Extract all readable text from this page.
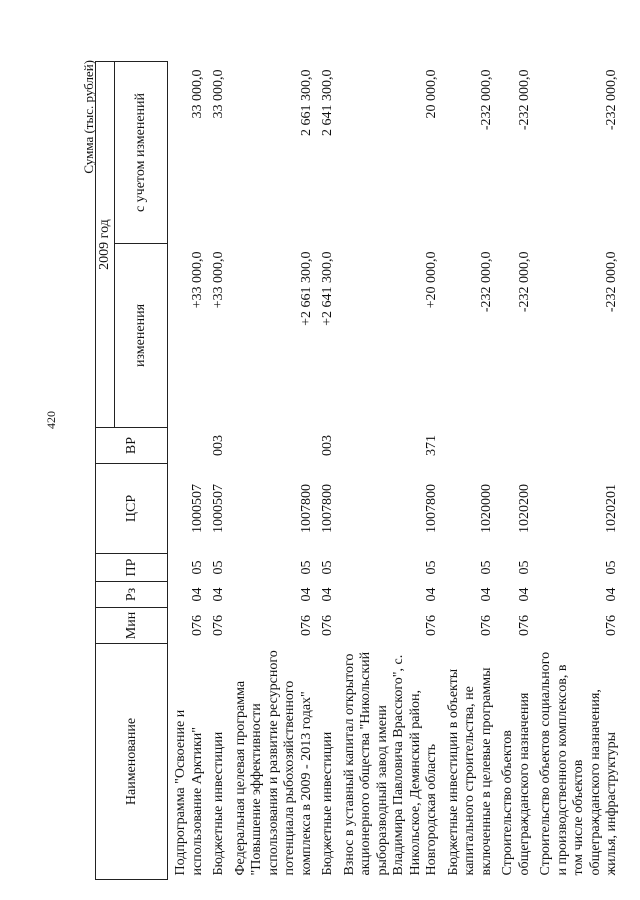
420
Сумма (тыс. рублей)
Наименование	Мин	Рз	ПР	ЦСР	ВР	2009 год	
						изменения	с учетом изменений
Подпрограмма "Освоение и использование Арктики"	076	04	05	1000507		+33 000,0	33 000,0
Бюджетные инвестиции	076	04	05	1000507	003	+33 000,0	33 000,0
Федеральная целевая программа "Повышение эффективности использования и развитие ресурсного потенциала рыбохозяйственного комплекса в 2009 - 2013 годах"	076	04	05	1007800		+2 661 300,0	2 661 300,0
Бюджетные инвестиции	076	04	05	1007800	003	+2 641 300,0	2 641 300,0
Взнос в уставный капитал открытого акционерного общества "Никольский рыборазводный завод имени Владимира Павловича Врасского", с. Никольское, Демянский район, Новгородская область	076	04	05	1007800	371	+20 000,0	20 000,0
Бюджетные инвестиции в объекты капитального строительства, не включенные в целевые программы	076	04	05	1020000		-232 000,0	-232 000,0
Строительство объектов общегражданского назначения	076	04	05	1020200		-232 000,0	-232 000,0
Строительство объектов социального и производственного комплексов, в том числе объектов общегражданского назначения, жилья, инфраструктуры	076	04	05	1020201		-232 000,0	-232 000,0
